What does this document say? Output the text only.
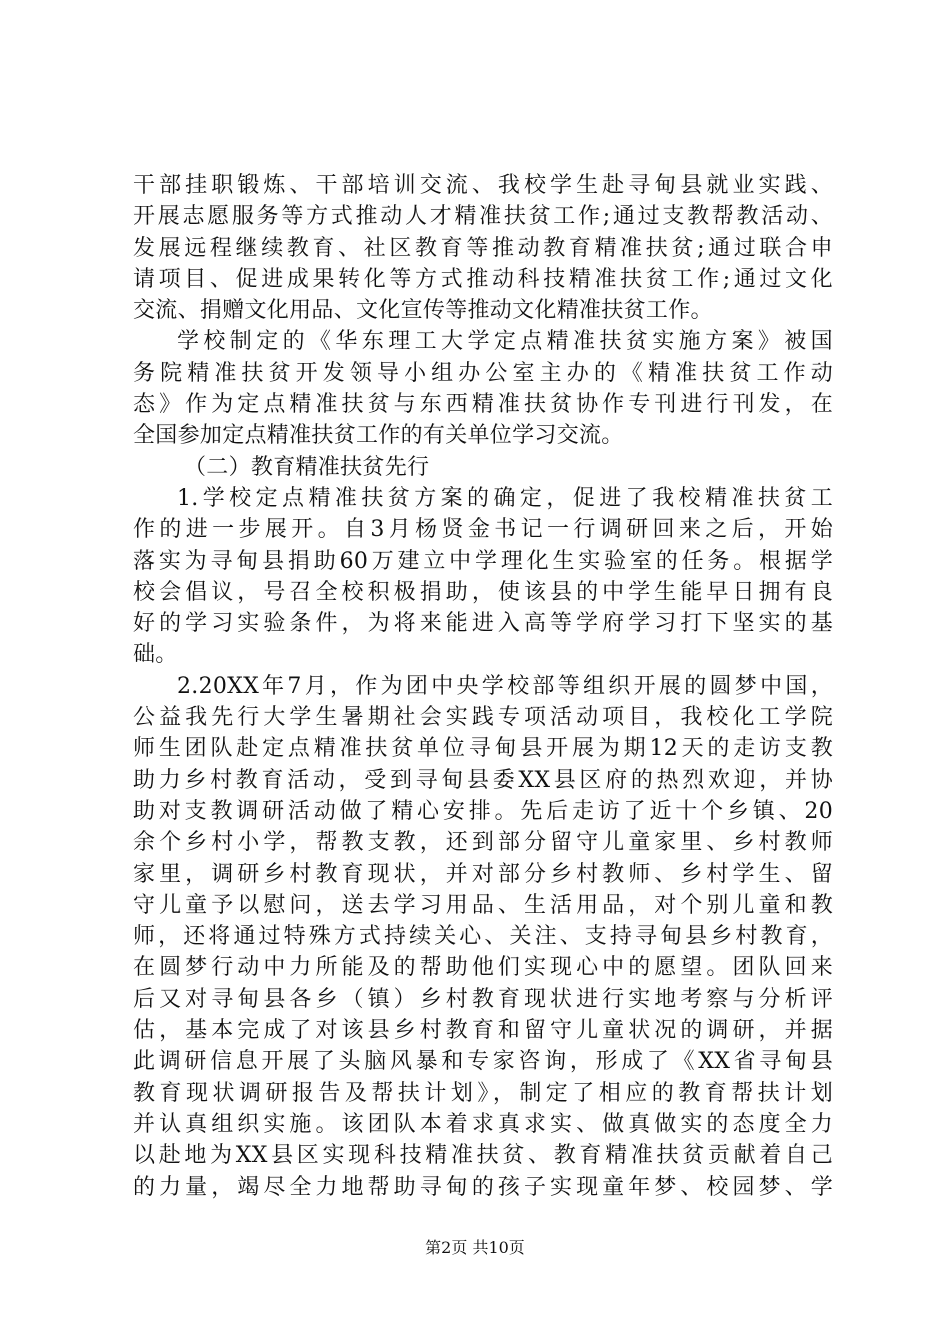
干部挂职锻炼、干部培训交流、我校学生赴寻甸县就业实践、
开展志愿服务等方式推动人才精准扶贫工作;通过支教帮教活动、
发展远程继续教育、社区教育等推动教育精准扶贫;通过联合申
请项目、促进成果转化等方式推动科技精准扶贫工作;通过文化
交流、捐赠文化用品、文化宣传等推动文化精准扶贫工作。
学校制定的《华东理工大学定点精准扶贫实施方案》被国
务院精准扶贫开发领导小组办公室主办的《精准扶贫工作动
态》作为定点精准扶贫与东西精准扶贫协作专刊进行刊发，在
全国参加定点精准扶贫工作的有关单位学习交流。
（二）教育精准扶贫先行
1.学校定点精准扶贫方案的确定，促进了我校精准扶贫工
作的进一步展开。自3月杨贤金书记一行调研回来之后，开始
落实为寻甸县捐助60万建立中学理化生实验室的任务。根据学
校会倡议，号召全校积极捐助，使该县的中学生能早日拥有良
好的学习实验条件，为将来能进入高等学府学习打下坚实的基
础。
2.20XX年7月，作为团中央学校部等组织开展的圆梦中国，
公益我先行大学生暑期社会实践专项活动项目，我校化工学院
师生团队赴定点精准扶贫单位寻甸县开展为期12天的走访支教
助力乡村教育活动，受到寻甸县委XX县区府的热烈欢迎，并协
助对支教调研活动做了精心安排。先后走访了近十个乡镇、20
余个乡村小学，帮教支教，还到部分留守儿童家里、乡村教师
家里，调研乡村教育现状，并对部分乡村教师、乡村学生、留
守儿童予以慰问，送去学习用品、生活用品，对个别儿童和教
师，还将通过特殊方式持续关心、关注、支持寻甸县乡村教育，
在圆梦行动中力所能及的帮助他们实现心中的愿望。团队回来
后又对寻甸县各乡（镇）乡村教育现状进行实地考察与分析评
估，基本完成了对该县乡村教育和留守儿童状况的调研，并据
此调研信息开展了头脑风暴和专家咨询，形成了《XX省寻甸县
教育现状调研报告及帮扶计划》，制定了相应的教育帮扶计划
并认真组织实施。该团队本着求真求实、做真做实的态度全力
以赴地为XX县区实现科技精准扶贫、教育精准扶贫贡献着自己
的力量，竭尽全力地帮助寻甸的孩子实现童年梦、校园梦、学
第2页 共10页
